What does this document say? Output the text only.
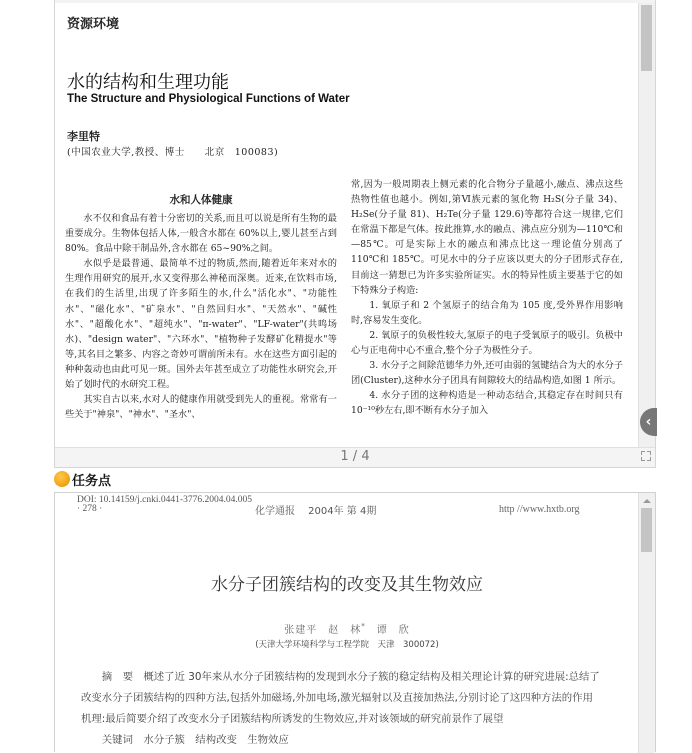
资源环境
水的结构和生理功能
The Structure and Physiological Functions of Water
李里特
(中国农业大学,教授、博士　　北京　100083)
水和人体健康

水不仅和食品有着十分密切的关系,而且可以说是所有生物的最重要成分。生物体包括人体,一般含水都在 60%以上,婴儿甚至占到 80%。食品中除干制品外,含水都在 65~90%之间。

水似乎是最普通、最简单不过的物质,然而,随着近年来对水的生理作用研究的展开,水又变得那么神秘而深奥。近来,在饮料市场,在我们的生活里,出现了许多陌生的水,什么"活化水"、"功能性水"、"磁化水"、"矿泉水"、"自然回归水"、"天然水"、"碱性水"、"超酸化水"、"超纯水"、"π-water"、"LF-water"(共鸣场水)、"design water"、"六环水"、"植物种子发酵矿化精提水"等等,其名目之繁多、内容之奇妙可谓前所未有。水在这些方面引起的种种轰动也由此可见一斑。国外去年甚至成立了功能性水研究会,开始了划时代的水研究工程。

其实自古以来,水对人的健康作用就受到先人的重视。常常有一些关于"神泉"、"神水"、"圣水"、

常,因为一般周期表上侧元素的化合物分子量越小,融点、沸点这些热物性值也越小。例如,第Ⅵ族元素的氢化物 H₂S(分子量 34)、H₂Se(分子量 81)、H₂Te(分子量 129.6)等都符合这一规律,它们在常温下都是气体。按此推算,水的融点、沸点应分别为—110℃和—85℃。可是实际上水的融点和沸点比这一理论值分别高了 110℃和 185℃。可见水中的分子应该以更大的分子团形式存在,目前这一猜想已为许多实验所证实。水的特异性质主要基于它的如下特殊分子构造:

1. 氧原子和 2 个氢原子的结合角为 105 度,受外界作用影响时,容易发生变化。

2. 氧原子的负极性较大,氢原子的电子受氧原子的吸引。负极中心与正电荷中心不重合,整个分子为极性分子。

3. 水分子之间除范德华力外,还可由弱的氢键结合为大的水分子团(Cluster),这种水分子团具有间隙较大的结晶构造,如图 1 所示。

4. 水分子团的这种构造是一种动态结合,其稳定存在时间只有 10⁻¹⁰秒左右,即不断有水分子加入

1 / 4
‹
任务点
DOI: 10.14159/j.cnki.0441-3776.2004.04.005
· 278 ·	化学通报　 2004年 第 4期	http //www.hxtb.org
水分子团簇结构的改变及其生物效应
张建平　赵　林*　谭　欣
(天津大学环境科学与工程学院　天津　300072)

摘　要　概述了近 30年来从水分子团簇结构的发现到水分子簇的稳定结构及相关理论计算的研究进展:总结了改变水分子团簇结构的四种方法,包括外加磁场,外加电场,激光辐射以及直接加热法,分别讨论了这四种方法的作用机理:最后简要介绍了改变水分子团簇结构所诱发的生物效应,并对该领域的研究前景作了展望

关键词　水分子簇　结构改变　生物效应
